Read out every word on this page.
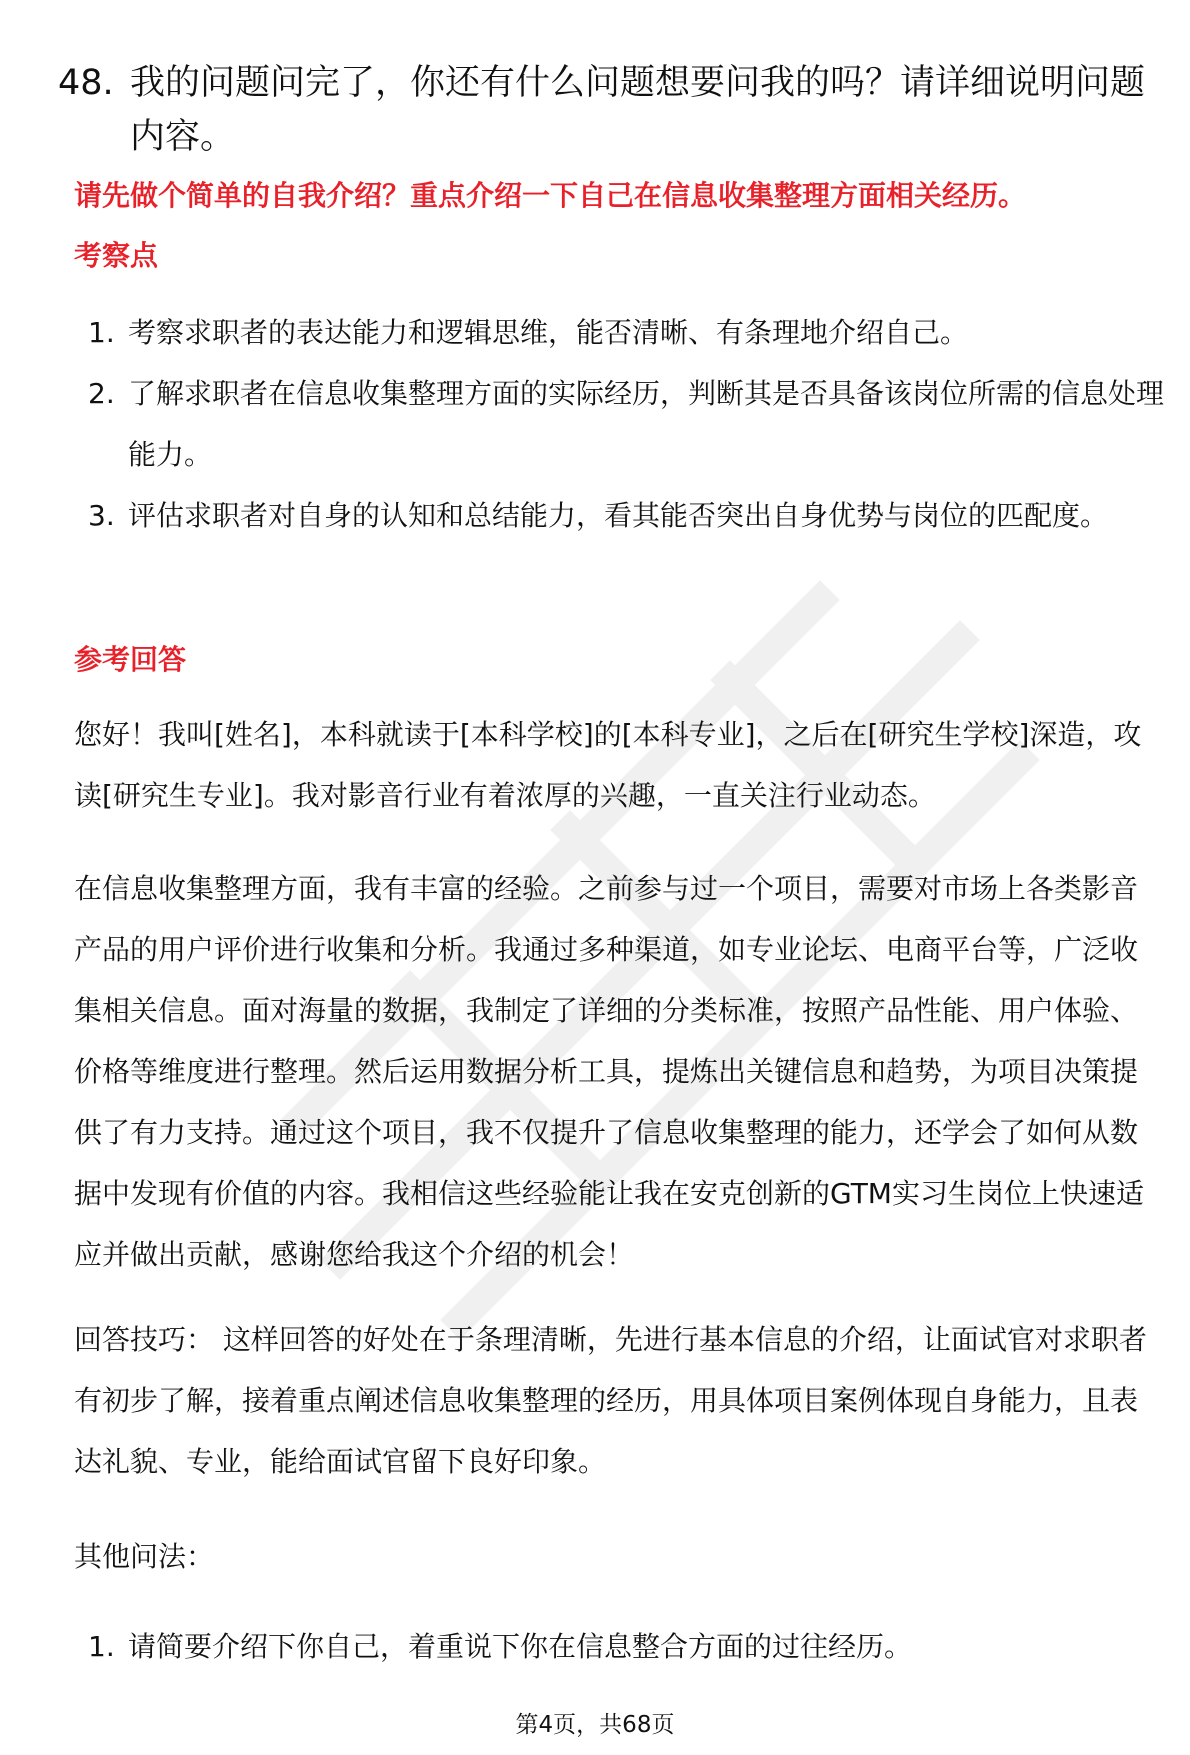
48. 我的问题问完了，你还有什么问题想要问我的吗？请详细说明问题内容。
请先做个简单的自我介绍？重点介绍一下自己在信息收集整理方面相关经历。
考察点
1. 考察求职者的表达能力和逻辑思维，能否清晰、有条理地介绍自己。
2. 了解求职者在信息收集整理方面的实际经历，判断其是否具备该岗位所需的信息处理能力。
3. 评估求职者对自身的认知和总结能力，看其能否突出自身优势与岗位的匹配度。
参考回答
您好！我叫[姓名]，本科就读于[本科学校]的[本科专业]，之后在[研究生学校]深造，攻读[研究生专业]。我对影音行业有着浓厚的兴趣，一直关注行业动态。
在信息收集整理方面，我有丰富的经验。之前参与过一个项目，需要对市场上各类影音产品的用户评价进行收集和分析。我通过多种渠道，如专业论坛、电商平台等，广泛收集相关信息。面对海量的数据，我制定了详细的分类标准，按照产品性能、用户体验、价格等维度进行整理。然后运用数据分析工具，提炼出关键信息和趋势，为项目决策提供了有力支持。通过这个项目，我不仅提升了信息收集整理的能力，还学会了如何从数据中发现有价值的内容。我相信这些经验能让我在安克创新的GTM实习生岗位上快速适应并做出贡献，感谢您给我这个介绍的机会！
回答技巧： 这样回答的好处在于条理清晰，先进行基本信息的介绍，让面试官对求职者有初步了解，接着重点阐述信息收集整理的经历，用具体项目案例体现自身能力，且表达礼貌、专业，能给面试官留下良好印象。
其他问法：
1. 请简要介绍下你自己，着重说下你在信息整合方面的过往经历。
第4页，共68页
